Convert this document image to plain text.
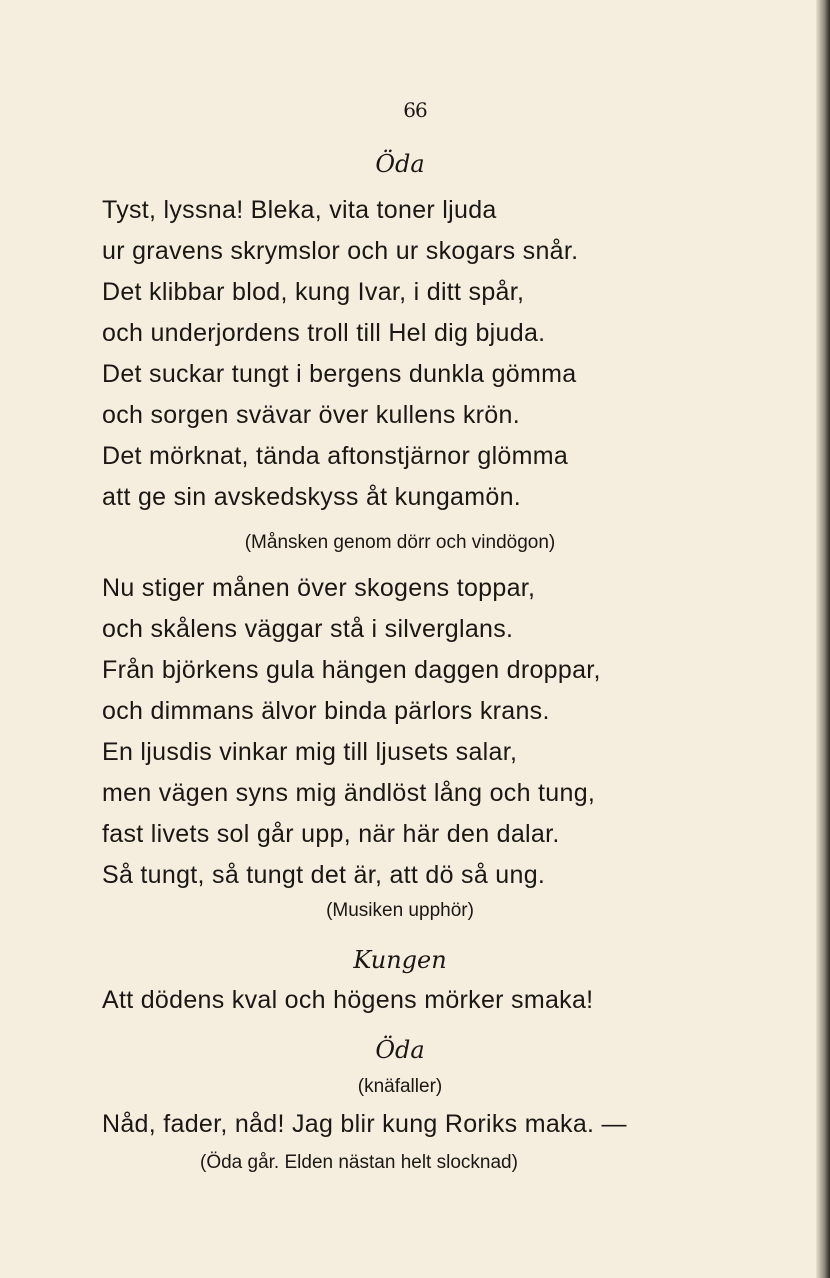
66
Öda
Tyst, lyssna! Bleka, vita toner ljuda
ur gravens skrymslor och ur skogars snår.
Det klibbar blod, kung Ivar, i ditt spår,
och underjordens troll till Hel dig bjuda.
Det suckar tungt i bergens dunkla gömma
och sorgen svävar över kullens krön.
Det mörknat, tända aftonstjärnor glömma
att ge sin avskedskyss åt kungamön.
(Månsken genom dörr och vindögon)
Nu stiger månen över skogens toppar,
och skålens väggar stå i silverglans.
Från björkens gula hängen daggen droppar,
och dimmans älvor binda pärlors krans.
En ljusdis vinkar mig till ljusets salar,
men vägen syns mig ändlöst lång och tung,
fast livets sol går upp, när här den dalar.
Så tungt, så tungt det är, att dö så ung.
(Musiken upphör)
Kungen
Att dödens kval och högens mörker smaka!
Öda
(knäfaller)
Nåd, fader, nåd! Jag blir kung Roriks maka. —
(Öda går. Elden nästan helt slocknad)
